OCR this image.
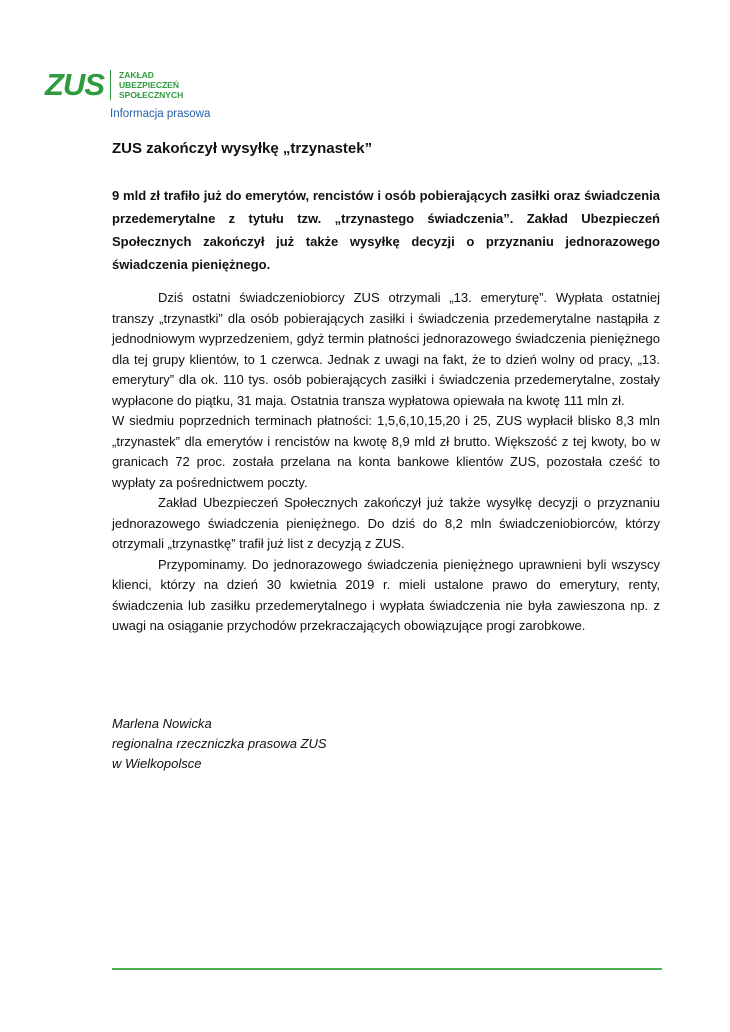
ZUS ZAKŁAD
UBEZPIECZEŃ
SPOŁECZNYCH
Informacja prasowa
ZUS zakończył wysyłkę „trzynastek”
9 mld zł trafiło już do emerytów, rencistów i osób pobierających zasiłki oraz świadczenia przedemerytalne z tytułu tzw. „trzynastego świadczenia”. Zakład Ubezpieczeń Społecznych zakończył już także wysyłkę decyzji o przyznaniu jednorazowego świadczenia pieniężnego.

Dziś ostatni świadczeniobiorcy ZUS otrzymali „13. emeryturę”. Wypłata ostatniej transzy „trzynastki” dla osób pobierających zasiłki i świadczenia przedemerytalne nastąpiła z jednodniowym wyprzedzeniem, gdyż termin płatności jednorazowego świadczenia pieniężnego dla tej grupy klientów, to 1 czerwca. Jednak z uwagi na fakt, że to dzień wolny od pracy, „13. emerytury” dla ok. 110 tys. osób pobierających zasiłki i świadczenia przedemerytalne, zostały wypłacone do piątku, 31 maja. Ostatnia transza wypłatowa opiewała na kwotę 111 mln zł.

W siedmiu poprzednich terminach płatności: 1,5,6,10,15,20 i 25, ZUS wypłacił blisko 8,3 mln „trzynastek” dla emerytów i rencistów na kwotę 8,9 mld zł brutto. Większość z tej kwoty, bo w granicach 72 proc. została przelana na konta bankowe klientów ZUS, pozostała cześć to wypłaty za pośrednictwem poczty.

Zakład Ubezpieczeń Społecznych zakończył już także wysyłkę decyzji o przyznaniu jednorazowego świadczenia pieniężnego. Do dziś do 8,2 mln świadczeniobiorców, którzy otrzymali „trzynastkę” trafił już list z decyzją z ZUS.

Przypominamy. Do jednorazowego świadczenia pieniężnego uprawnieni byli wszyscy klienci, którzy na dzień 30 kwietnia 2019 r. mieli ustalone prawo do emerytury, renty, świadczenia lub zasiłku przedemerytalnego i wypłata świadczenia nie była zawieszona np. z uwagi na osiąganie przychodów przekraczających obowiązujące progi zarobkowe.

Marlena Nowicka
regionalna rzeczniczka prasowa ZUS
w Wielkopolsce
